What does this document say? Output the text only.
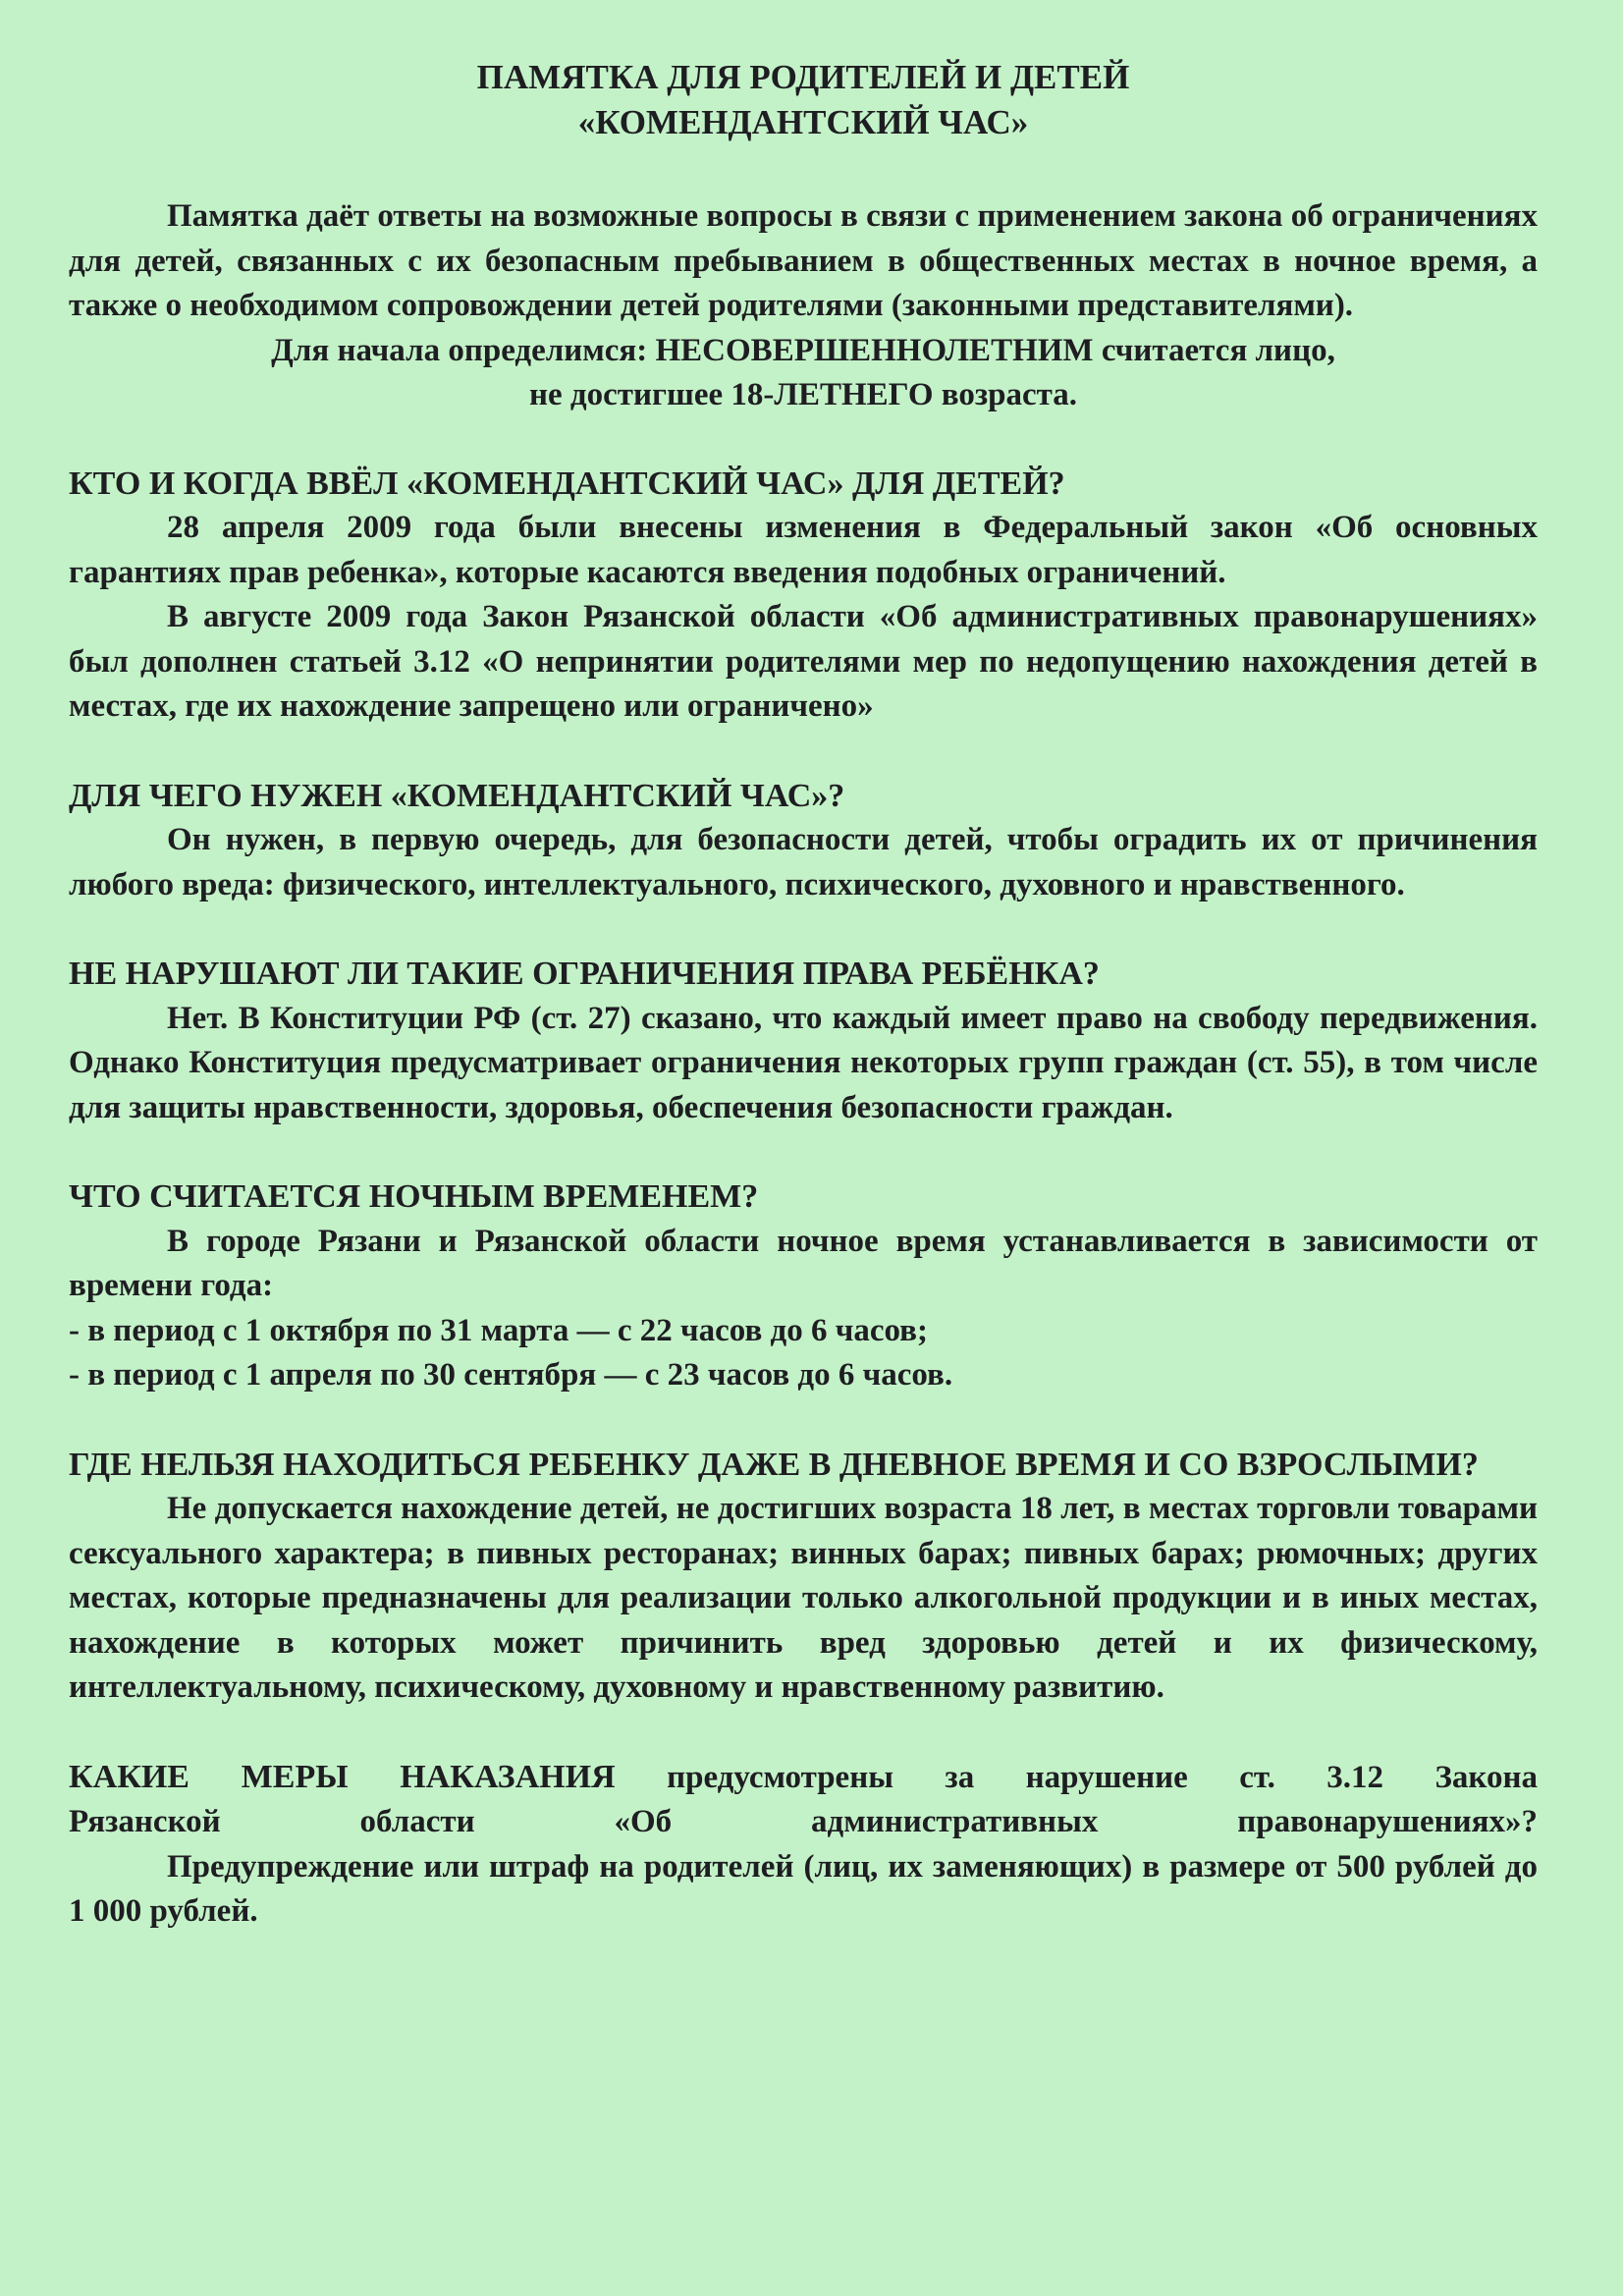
ПАМЯТКА ДЛЯ РОДИТЕЛЕЙ И ДЕТЕЙ
«КОМЕНДАНТСКИЙ ЧАС»

Памятка даёт ответы на возможные вопросы в связи с применением закона об ограничениях для детей, связанных с их безопасным пребыванием в общественных местах в ночное время, а также о необходимом сопровождении детей родителями (законными представителями).

Для начала определимся: НЕСОВЕРШЕННОЛЕТНИМ считается лицо,

не достигшее 18-ЛЕТНЕГО возраста.

КТО И КОГДА ВВЁЛ «КОМЕНДАНТСКИЙ ЧАС» ДЛЯ ДЕТЕЙ?

28 апреля 2009 года были внесены изменения в Федеральный закон «Об основных гарантиях прав ребенка», которые касаются введения подобных ограничений.

В августе 2009 года Закон Рязанской области «Об административных правонарушениях» был дополнен статьей 3.12 «О непринятии родителями мер по недопущению нахождения детей в местах, где их нахождение запрещено или ограничено»

ДЛЯ ЧЕГО НУЖЕН «КОМЕНДАНТСКИЙ ЧАС»?

Он нужен, в первую очередь, для безопасности детей, чтобы оградить их от причинения любого вреда: физического, интеллектуального, психического, духовного и нравственного.

НЕ НАРУШАЮТ ЛИ ТАКИЕ ОГРАНИЧЕНИЯ ПРАВА РЕБЁНКА?

Нет. В Конституции РФ (ст. 27) сказано, что каждый имеет право на свободу передвижения. Однако Конституция предусматривает ограничения некоторых групп граждан (ст. 55), в том числе для защиты нравственности, здоровья, обеспечения безопасности граждан.

ЧТО СЧИТАЕТСЯ НОЧНЫМ ВРЕМЕНЕМ?

В городе Рязани и Рязанской области ночное время устанавливается в зависимости от времени года:

- в период с 1 октября по 31 марта — с 22 часов до 6 часов;
- в период с 1 апреля по 30 сентября — с 23 часов до 6 часов.
ГДЕ НЕЛЬЗЯ НАХОДИТЬСЯ РЕБЕНКУ ДАЖЕ В ДНЕВНОЕ ВРЕМЯ И СО ВЗРОСЛЫМИ?

Не допускается нахождение детей, не достигших возраста 18 лет, в местах торговли товарами сексуального характера; в пивных ресторанах; винных барах; пивных барах; рюмочных; других местах, которые предназначены для реализации только алкогольной продукции и в иных местах, нахождение в которых может причинить вред здоровью детей и их физическому, интеллектуальному, психическому, духовному и нравственному развитию.

КАКИЕ МЕРЫ НАКАЗАНИЯ предусмотрены за нарушение ст. 3.12 Закона
Рязанской области «Об административных правонарушениях»?

Предупреждение или штраф на родителей (лиц, их заменяющих) в размере от 500 рублей до 1 000 рублей.
